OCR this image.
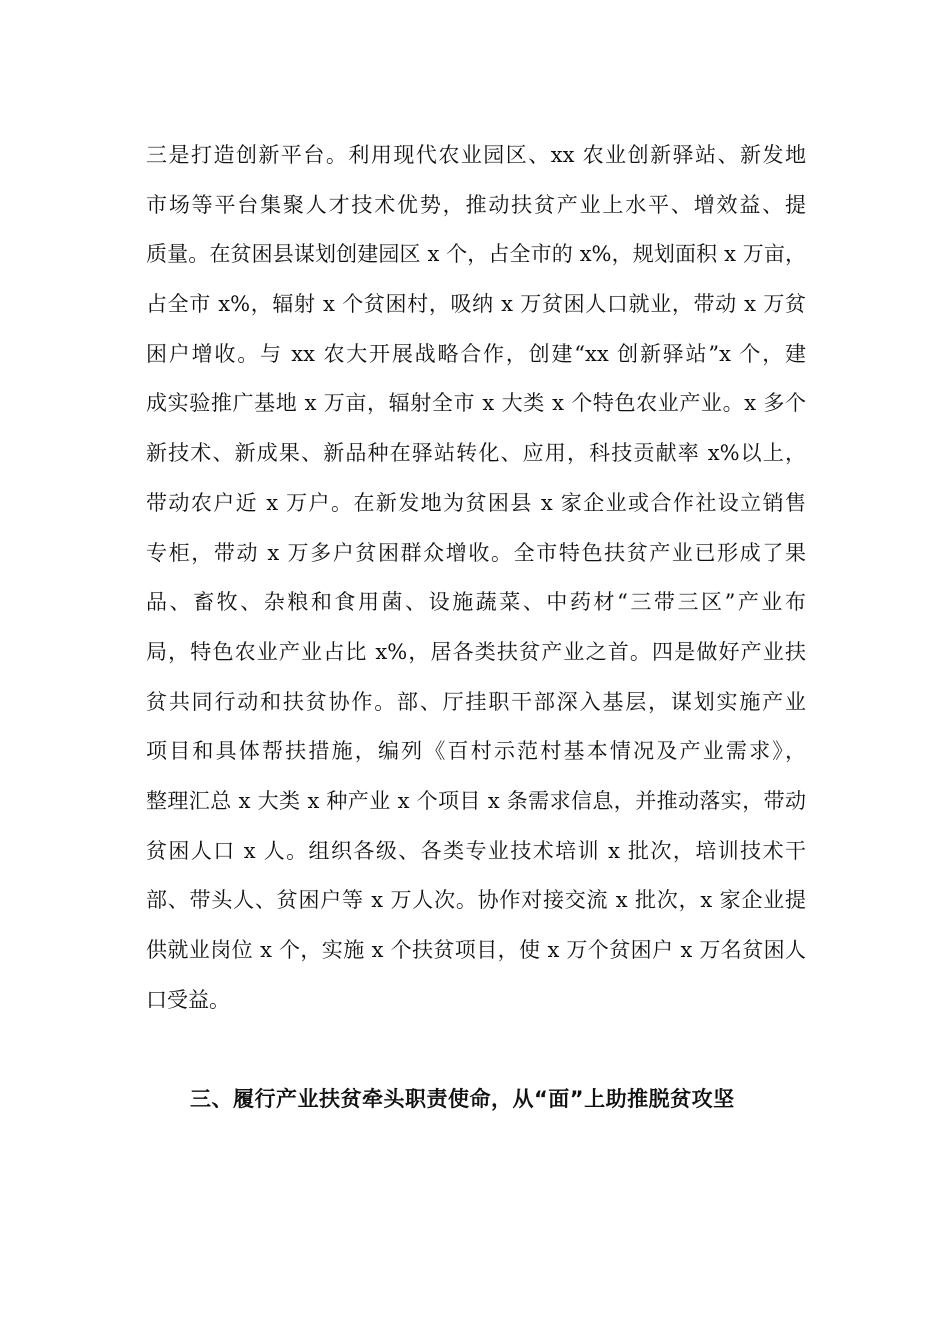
三是打造创新平台。利用现代农业园区、xx 农业创新驿站、新发地
市场等平台集聚人才技术优势，推动扶贫产业上水平、增效益、提
质量。在贫困县谋划创建园区 x 个，占全市的 x%，规划面积 x 万亩，
占全市 x%，辐射 x 个贫困村，吸纳 x 万贫困人口就业，带动 x 万贫
困户增收。与 xx 农大开展战略合作，创建“xx 创新驿站”x 个，建
成实验推广基地 x 万亩，辐射全市 x 大类 x 个特色农业产业。x 多个
新技术、新成果、新品种在驿站转化、应用，科技贡献率 x%以上，
带动农户近 x 万户。在新发地为贫困县 x 家企业或合作社设立销售
专柜，带动 x 万多户贫困群众增收。全市特色扶贫产业已形成了果
品、畜牧、杂粮和食用菌、设施蔬菜、中药材“三带三区”产业布
局，特色农业产业占比 x%，居各类扶贫产业之首。四是做好产业扶
贫共同行动和扶贫协作。部、厅挂职干部深入基层，谋划实施产业
项目和具体帮扶措施，编列《百村示范村基本情况及产业需求》，
整理汇总 x 大类 x 种产业 x 个项目 x 条需求信息，并推动落实，带动
贫困人口 x 人。组织各级、各类专业技术培训 x 批次，培训技术干
部、带头人、贫困户等 x 万人次。协作对接交流 x 批次，x 家企业提
供就业岗位 x 个，实施 x 个扶贫项目，使 x 万个贫困户 x 万名贫困人
口受益。
三、履行产业扶贫牵头职责使命，从“面”上助推脱贫攻坚
